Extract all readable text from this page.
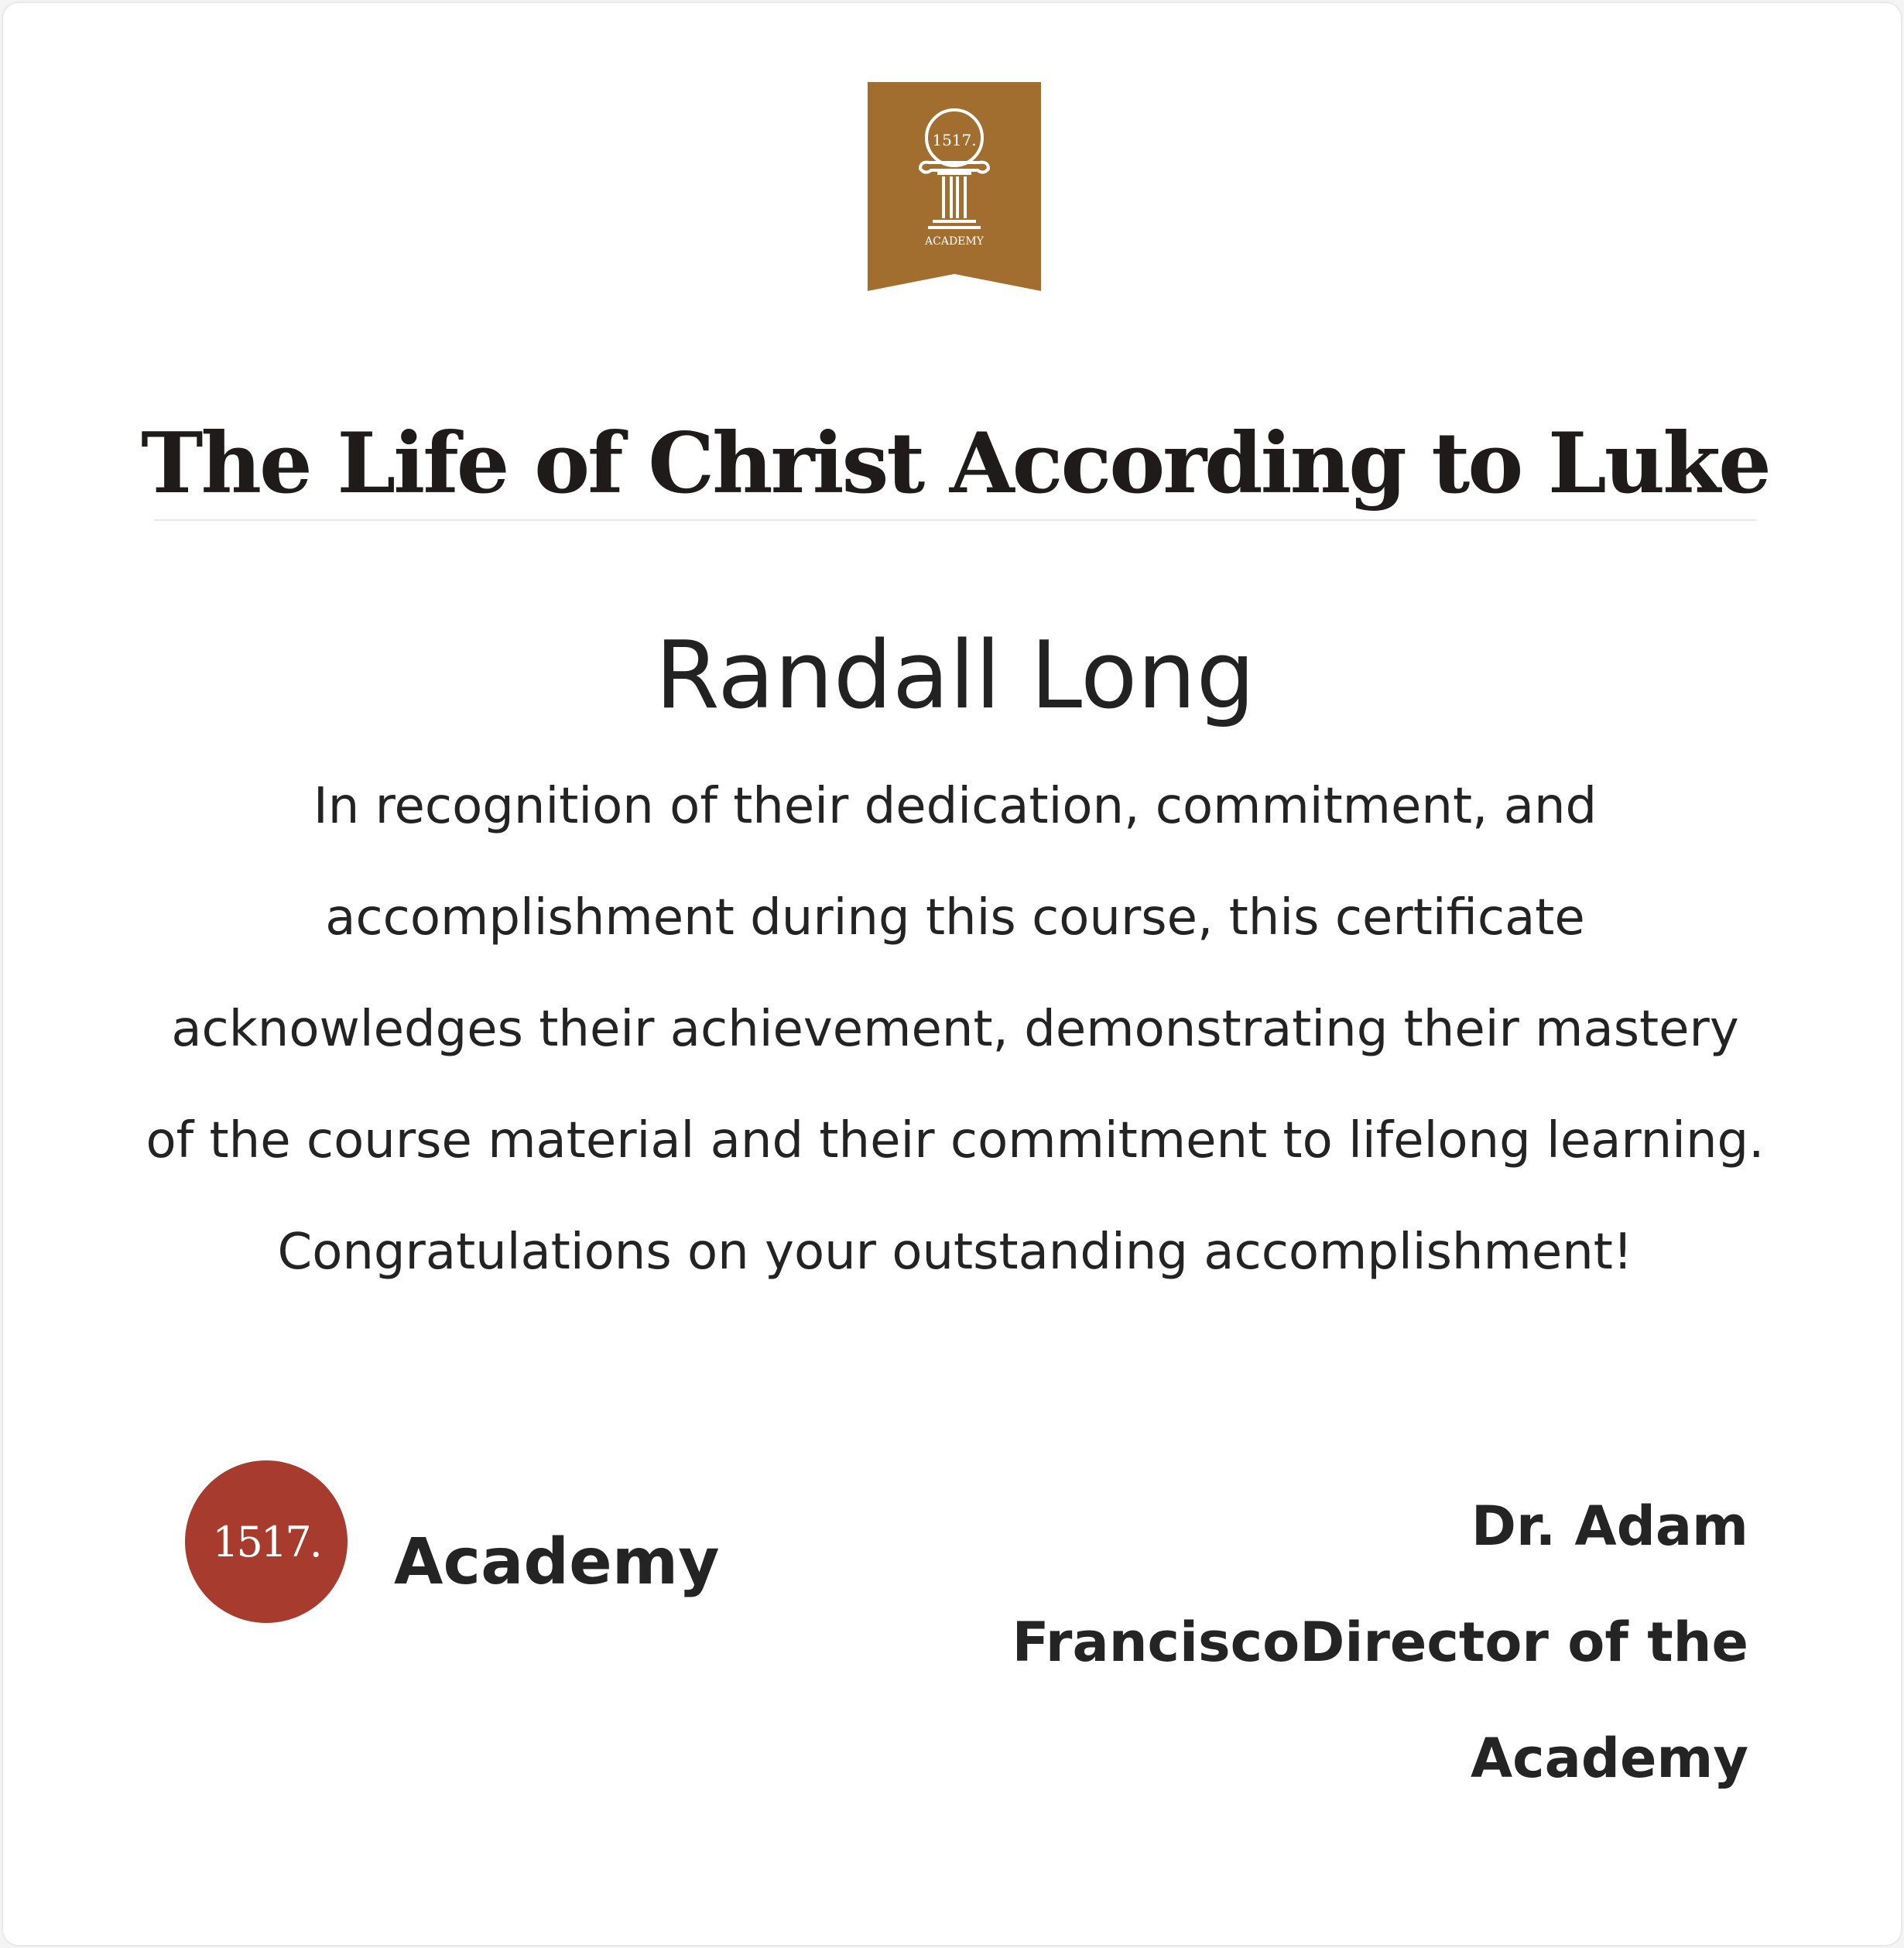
1517.
ACADEMY
The Life of Christ According to Luke
Randall Long
In recognition of their dedication, commitment, and accomplishment during this course, this certificate acknowledges their achievement, demonstrating their mastery of the course material and their commitment to lifelong learning. Congratulations on your outstanding accomplishment!
1517. Academy	Dr. Adam FranciscoDirector of the Academy
